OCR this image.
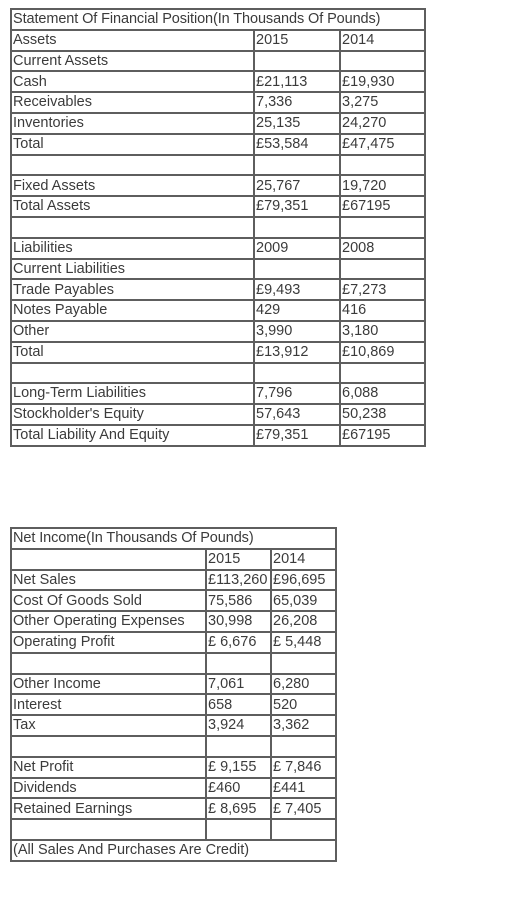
Statement Of Financial Position(In Thousands Of Pounds)		
Assets	2015	2014
Current Assets		
Cash	£21,113	£19,930
Receivables	7,336	3,275
Inventories	25,135	24,270
Total	£53,584	£47,475

Fixed Assets	25,767	19,720
Total Assets	£79,351	£67195

Liabilities	2009	2008
Current Liabilities		
Trade Payables	£9,493	£7,273
Notes Payable	429	416
Other	3,990	3,180
Total	£13,912	£10,869

Long-Term Liabilities	7,796	6,088
Stockholder's Equity	57,643	50,238
Total Liability And Equity	£79,351	£67195
Net Income(In Thousands Of Pounds)		
	2015	2014
Net Sales	£113,260	£96,695
Cost Of Goods Sold	75,586	65,039
Other Operating Expenses	30,998	26,208
Operating Profit	£ 6,676	£ 5,448

Other Income	7,061	6,280
Interest	658	520
Tax	3,924	3,362

Net Profit	£ 9,155	£ 7,846
Dividends	£460	£441
Retained Earnings	£ 8,695	£ 7,405

(All Sales And Purchases Are Credit)		
